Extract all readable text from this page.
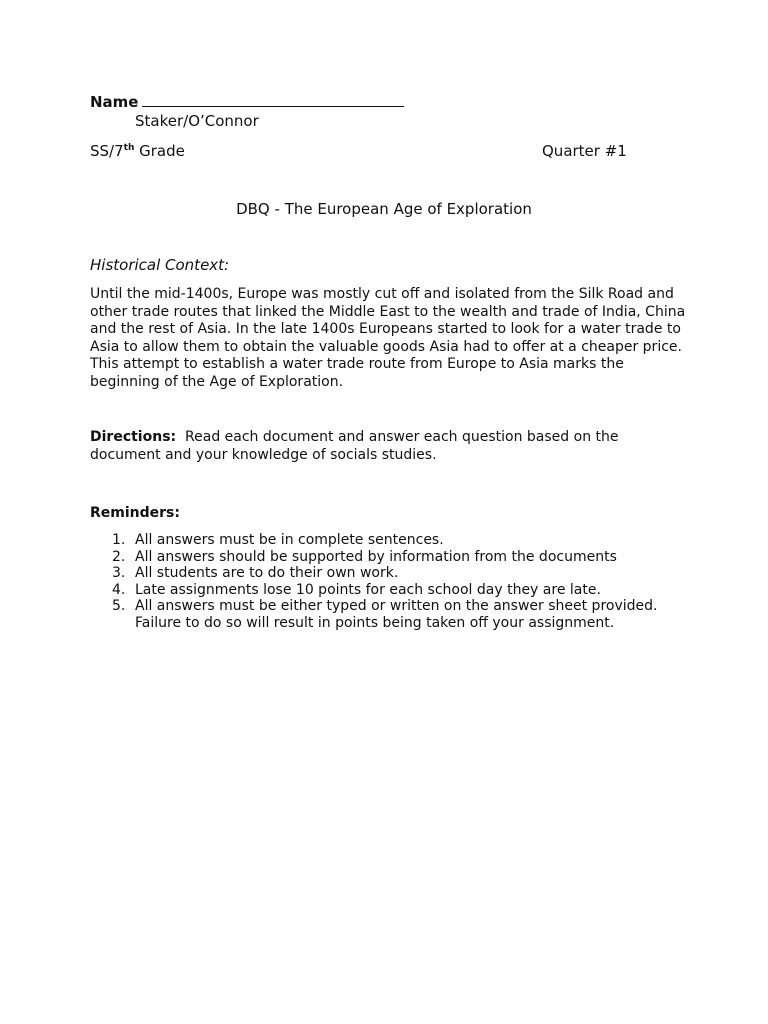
Name
Staker/O’Connor
SS/7th Grade	Quarter #1
DBQ - The European Age of Exploration
Historical Context:

Until the mid-1400s, Europe was mostly cut off and isolated from the Silk Road and
other trade routes that linked the Middle East to the wealth and trade of India, China
and the rest of Asia. In the late 1400s Europeans started to look for a water trade to
Asia to allow them to obtain the valuable goods Asia had to offer at a cheaper price.
This attempt to establish a water trade route from Europe to Asia marks the
beginning of the Age of Exploration.

Directions:  Read each document and answer each question based on the
document and your knowledge of socials studies.

Reminders:
1. All answers must be in complete sentences.
2. All answers should be supported by information from the documents
3. All students are to do their own work.
4. Late assignments lose 10 points for each school day they are late.
5. All answers must be either typed or written on the answer sheet provided.
Failure to do so will result in points being taken off your assignment.
